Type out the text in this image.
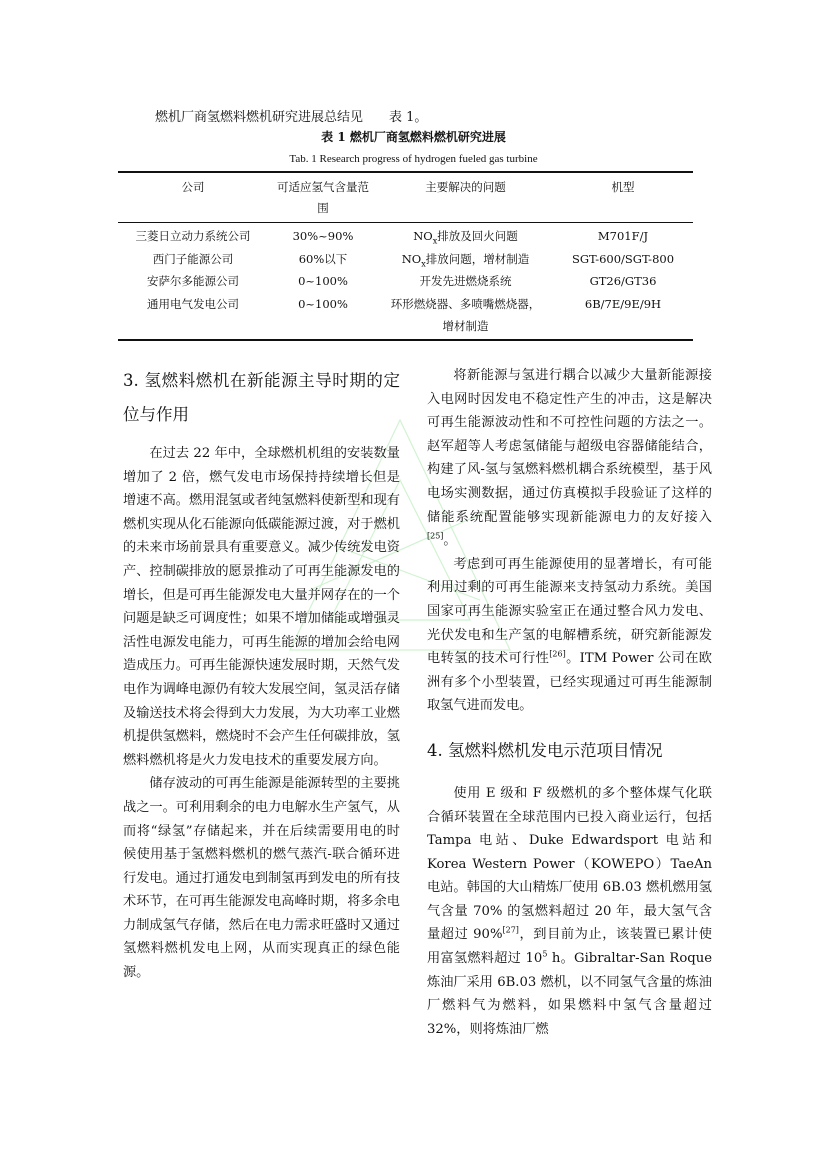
燃机厂商氢燃料燃机研究进展总结见　　表 1。
表 1 燃机厂商氢燃料燃机研究进展
Tab. 1 Research progress of hydrogen fueled gas turbine
公司	可适应氢气含量范围	主要解决的问题	机型
三菱日立动力系统公司	30%~90%	$NO_x$排放及回火问题	M701F/J
西门子能源公司	60%以下	$NO_x$排放问题，增材制造	SGT-600/SGT-800
安萨尔多能源公司	0~100%	开发先进燃烧系统	GT26/GT36
通用电气发电公司	0~100%	环形燃烧器、多喷嘴燃烧器，增材制造	6B/7E/9E/9H
3. 氢燃料燃机在新能源主导时期的定位与作用

在过去 22 年中，全球燃机机组的安装数量增加了 2 倍，燃气发电市场保持持续增长但是增速不高。燃用混氢或者纯氢燃料使新型和现有燃机实现从化石能源向低碳能源过渡，对于燃机的未来市场前景具有重要意义。减少传统发电资产、控制碳排放的愿景推动了可再生能源发电的增长，但是可再生能源发电大量并网存在的一个问题是缺乏可调度性；如果不增加储能或增强灵活性电源发电能力，可再生能源的增加会给电网造成压力。可再生能源快速发展时期，天然气发电作为调峰电源仍有较大发展空间，氢灵活存储及输送技术将会得到大力发展，为大功率工业燃机提供氢燃料，燃烧时不会产生任何碳排放，氢燃料燃机将是火力发电技术的重要发展方向。

储存波动的可再生能源是能源转型的主要挑战之一。可利用剩余的电力电解水生产氢气，从而将“绿氢”存储起来，并在后续需要用电的时候使用基于氢燃料燃机的燃气蒸汽-联合循环进行发电。通过打通发电到制氢再到发电的所有技术环节，在可再生能源发电高峰时期，将多余电力制成氢气存储，然后在电力需求旺盛时又通过氢燃料燃机发电上网，从而实现真正的绿色能源。

将新能源与氢进行耦合以减少大量新能源接入电网时因发电不稳定性产生的冲击，这是解决可再生能源波动性和不可控性问题的方法之一。赵军超等人考虑氢储能与超级电容器储能结合，构建了风-氢与氢燃料燃机耦合系统模型，基于风电场实测数据，通过仿真模拟手段验证了这样的储能系统配置能够实现新能源电力的友好接入[25]。

考虑到可再生能源使用的显著增长，有可能利用过剩的可再生能源来支持氢动力系统。美国国家可再生能源实验室正在通过整合风力发电、光伏发电和生产氢的电解槽系统，研究新能源发电转氢的技术可行性[26]。ITM Power 公司在欧洲有多个小型装置，已经实现通过可再生能源制取氢气进而发电。

4. 氢燃料燃机发电示范项目情况

使用 E 级和 F 级燃机的多个整体煤气化联合循环装置在全球范围内已投入商业运行，包括 Tampa 电站、Duke Edwardsport 电站和 Korea Western Power（KOWEPO）TaeAn 电站。韩国的大山精炼厂使用 6B.03 燃机燃用氢气含量 70% 的氢燃料超过 20 年，最大氢气含量超过 90%[27]，到目前为止，该装置已累计使用富氢燃料超过 $10^5$ h。Gibraltar-San Roque 炼油厂采用 6B.03 燃机，以不同氢气含量的炼油厂燃料气为燃料，如果燃料中氢气含量超过 32%，则将炼油厂燃
